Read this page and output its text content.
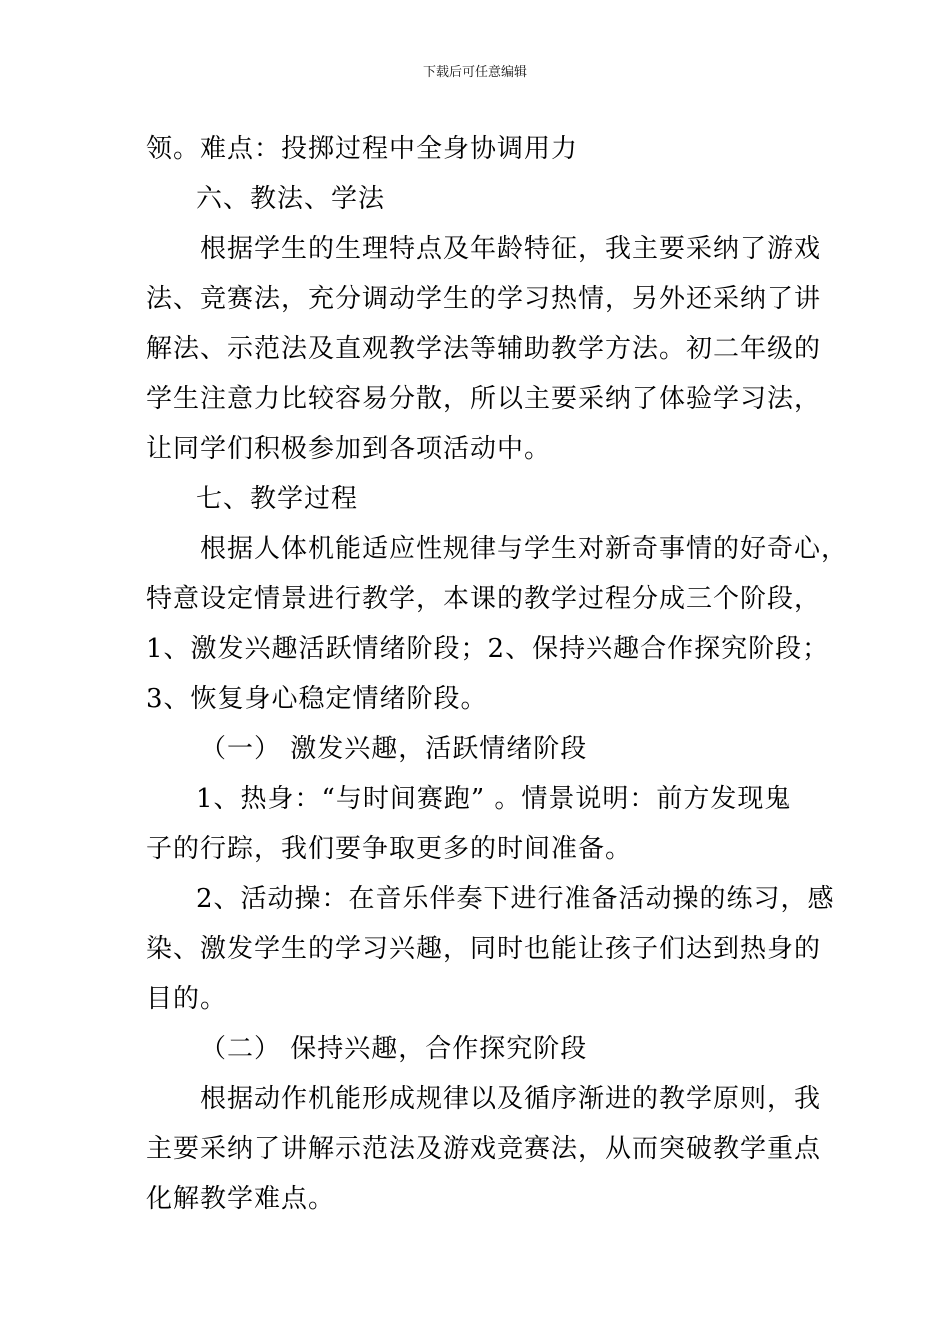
下载后可任意编辑
领。难点：投掷过程中全身协调用力
六、教法、学法
根据学生的生理特点及年龄特征，我主要采纳了游戏
法、竞赛法，充分调动学生的学习热情，另外还采纳了讲
解法、示范法及直观教学法等辅助教学方法。初二年级的
学生注意力比较容易分散，所以主要采纳了体验学习法，
让同学们积极参加到各项活动中。
七、教学过程
根据人体机能适应性规律与学生对新奇事情的好奇心，
特意设定情景进行教学，本课的教学过程分成三个阶段，
1、激发兴趣活跃情绪阶段；2、保持兴趣合作探究阶段；
3、恢复身心稳定情绪阶段。
（一） 激发兴趣，活跃情绪阶段
1、热身：“与时间赛跑” 。情景说明：前方发现鬼
子的行踪，我们要争取更多的时间准备。
2、活动操：在音乐伴奏下进行准备活动操的练习，感
染、激发学生的学习兴趣，同时也能让孩子们达到热身的
目的。
（二） 保持兴趣，合作探究阶段
根据动作机能形成规律以及循序渐进的教学原则，我
主要采纳了讲解示范法及游戏竞赛法，从而突破教学重点
化解教学难点。
